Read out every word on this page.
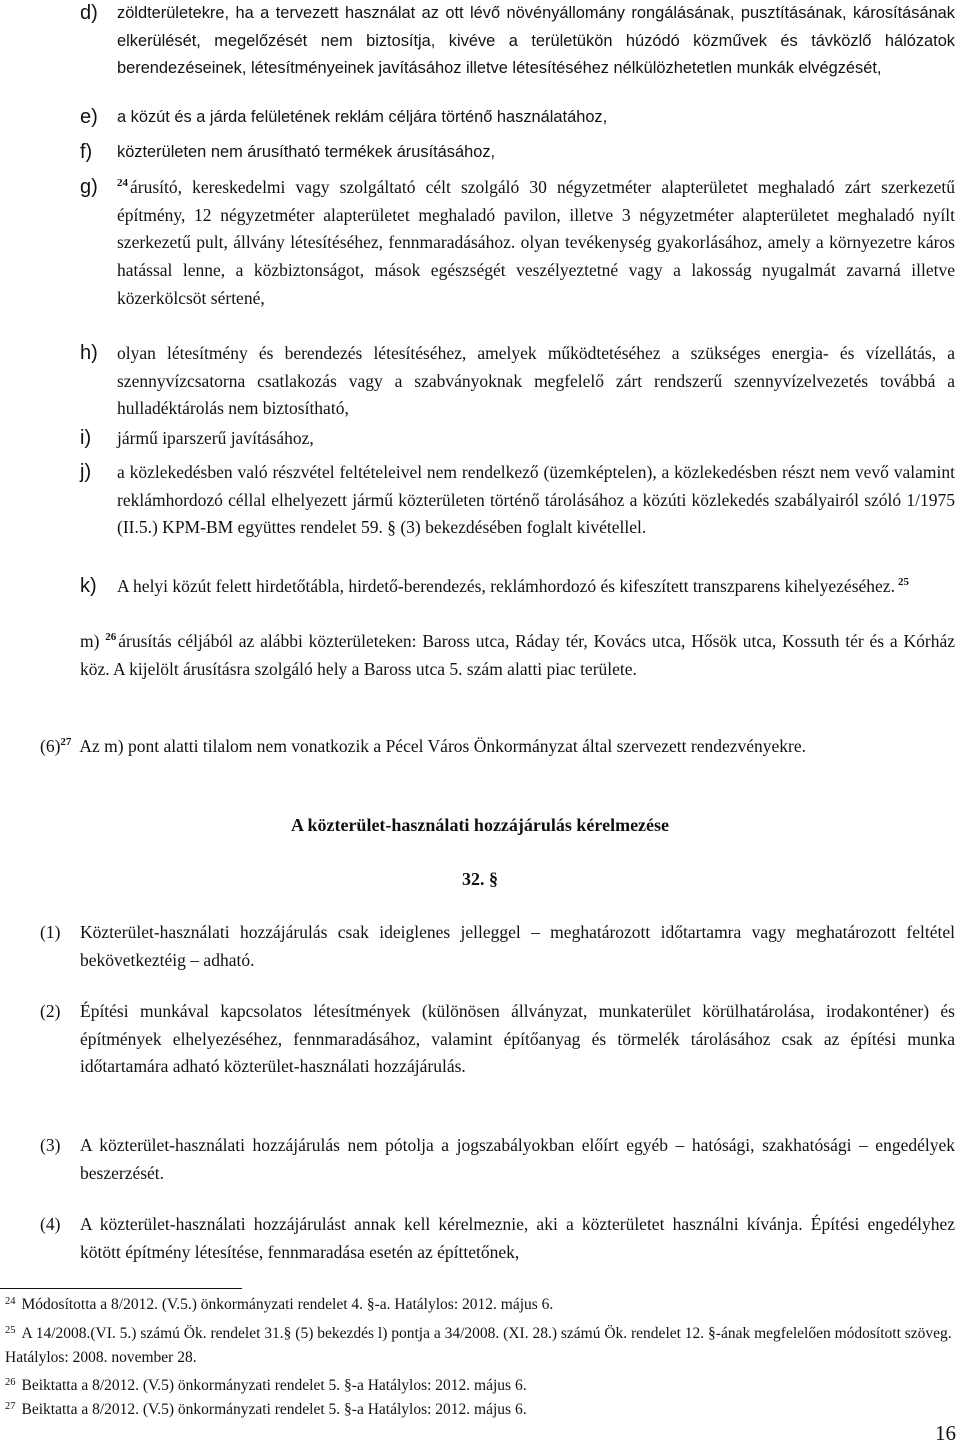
d) zöldterületekre, ha a tervezett használat az ott lévő növényállomány rongálásának, pusztításának, károsításának elkerülését, megelőzését nem biztosítja, kivéve a területükön húzódó közművek és távközlő hálózatok berendezéseinek, létesítményeinek javításához illetve létesítéséhez nélkülözhetetlen munkák elvégzését,
e) a közút és a járda felületének reklám céljára történő használatához,
f) közterületen nem árusítható termékek árusításához,
g) $^{24}$ árusító, kereskedelmi vagy szolgáltató célt szolgáló 30 négyzetméter alapterületet meghaladó zárt szerkezetű építmény, 12 négyzetméter alapterületet meghaladó pavilon, illetve 3 négyzetméter alapterületet meghaladó nyílt szerkezetű pult, állvány létesítéséhez, fennmaradásához. olyan tevékenység gyakorlásához, amely a környezetre káros hatással lenne, a közbiztonságot, mások egészségét veszélyeztetné vagy a lakosság nyugalmát zavarná illetve közerkölcsöt sértené,
h) olyan létesítmény és berendezés létesítéséhez, amelyek működtetéséhez a szükséges energia- és vízellátás, a szennyvízcsatorna csatlakozás vagy a szabványoknak megfelelő zárt rendszerű szennyvízelvezetés továbbá a hulladéktárolás nem biztosítható,
i) jármű iparszerű javításához,
j) a közlekedésben való részvétel feltételeivel nem rendelkező (üzemképtelen), a közlekedésben részt nem vevő valamint reklámhordozó céllal elhelyezett jármű közterületen történő tárolásához a közúti közlekedés szabályairól szóló 1/1975 (II.5.) KPM-BM együttes rendelet 59. § (3) bekezdésében foglalt kivétellel.
k) A helyi közút felett hirdetőtábla, hirdető-berendezés, reklámhordozó és kifeszített transzparens kihelyezéséhez. $^{25}$
m) $^{26}$ árusítás céljából az alábbi közterületeken: Baross utca, Ráday tér, Kovács utca, Hősök utca, Kossuth tér és a Kórház köz. A kijelölt árusításra szolgáló hely a Baross utca 5. szám alatti piac területe.
$(6)^{27}$ Az m) pont alatti tilalom nem vonatkozik a Pécel Város Önkormányzat által szervezett rendezvényekre.
A közterület-használati hozzájárulás kérelmezése
32. §
(1) Közterület-használati hozzájárulás csak ideiglenes jelleggel – meghatározott időtartamra vagy meghatározott feltétel bekövetkeztéig – adható.
(2) Építési munkával kapcsolatos létesítmények (különösen állványzat, munkaterület körülhatárolása, irodakonténer) és építmények elhelyezéséhez, fennmaradásához, valamint építőanyag és törmelék tárolásához csak az építési munka időtartamára adható közterület-használati hozzájárulás.
(3) A közterület-használati hozzájárulás nem pótolja a jogszabályokban előírt egyéb – hatósági, szakhatósági – engedélyek beszerzését.
(4) A közterület-használati hozzájárulást annak kell kérelmeznie, aki a közterületet használni kívánja. Építési engedélyhez kötött építmény létesítése, fennmaradása esetén az építtetőnek,
$^{24}$ Módosította a 8/2012. (V.5.) önkormányzati rendelet 4. §-a. Hatálylos: 2012. május 6.
$^{25}$ A 14/2008.(VI. 5.) számú Ök. rendelet 31.§ (5) bekezdés l) pontja a 34/2008. (XI. 28.) számú Ök. rendelet 12. §-ának megfelelően módosított szöveg. Hatálylos: 2008. november 28.
$^{26}$ Beiktatta a 8/2012. (V.5) önkormányzati rendelet 5. §-a Hatálylos: 2012. május 6.
$^{27}$ Beiktatta a 8/2012. (V.5) önkormányzati rendelet 5. §-a Hatálylos: 2012. május 6.
16
